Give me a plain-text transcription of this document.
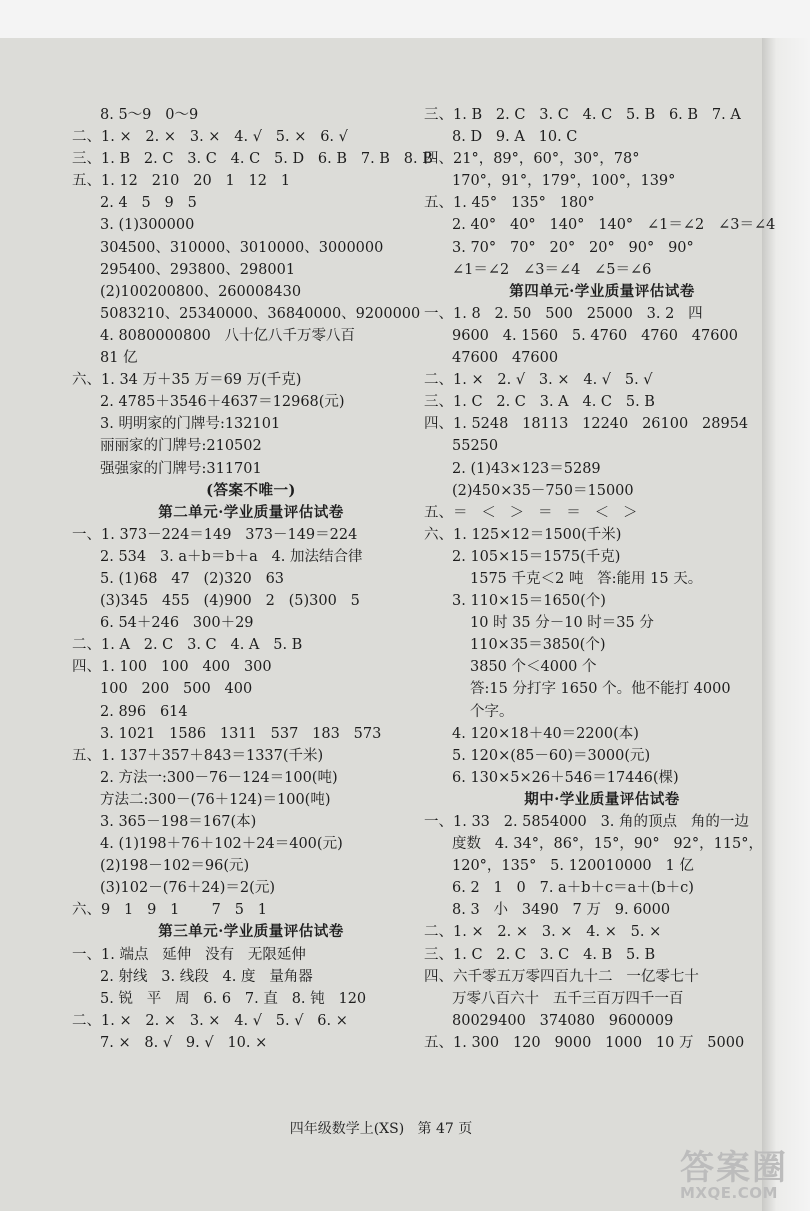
8. 5～9   0～9
二、1. ×   2. ×   3. ×   4. √   5. ×   6. √
三、1. B   2. C   3. C   4. C   5. D   6. B   7. B   8. B
五、1. 12   210   20   1   12   1
2. 4   5   9   5
3. (1)300000
304500、310000、3010000、3000000
295400、293800、298001
(2)100200800、260008430
5083210、25340000、36840000、9200000
4. 8080000800   八十亿八千万零八百
81 亿
六、1. 34 万＋35 万＝69 万(千克)
2. 4785＋3546＋4637＝12968(元)
3. 明明家的门牌号:132101
丽丽家的门牌号:210502
强强家的门牌号:311701
(答案不唯一)
第二单元·学业质量评估试卷
一、1. 373－224＝149   373－149＝224
2. 534   3. a＋b＝b＋a   4. 加法结合律
5. (1)68   47   (2)320   63
(3)345   455   (4)900   2   (5)300   5
6. 54＋246   300＋29
二、1. A   2. C   3. C   4. A   5. B
四、1. 100   100   400   300
100   200   500   400
2. 896   614
3. 1021   1586   1311   537   183   573
五、1. 137＋357＋843＝1337(千米)
2. 方法一:300－76－124＝100(吨)
方法二:300－(76＋124)＝100(吨)
3. 365－198＝167(本)
4. (1)198＋76＋102＋24＝400(元)
(2)198－102＝96(元)
(3)102－(76＋24)＝2(元)
六、9   1   9   1       7   5   1
第三单元·学业质量评估试卷
一、1. 端点   延伸   没有   无限延伸
2. 射线   3. 线段   4. 度   量角器
5. 锐   平   周   6. 6   7. 直   8. 钝   120
二、1. ×   2. ×   3. ×   4. √   5. √   6. ×
7. ×   8. √   9. √   10. ×
三、1. B   2. C   3. C   4. C   5. B   6. B   7. A
8. D   9. A   10. C
四、21°，89°，60°，30°，78°
170°，91°，179°，100°，139°
五、1. 45°   135°   180°
2. 40°   40°   140°   140°   ∠1＝∠2   ∠3＝∠4
3. 70°   70°   20°   20°   90°   90°
∠1＝∠2   ∠3＝∠4   ∠5＝∠6
第四单元·学业质量评估试卷
一、1. 8   2. 50   500   25000   3. 2   四
9600   4. 1560   5. 4760   4760   47600
47600   47600
二、1. ×   2. √   3. ×   4. √   5. √
三、1. C   2. C   3. A   4. C   5. B
四、1. 5248   18113   12240   26100   28954
55250
2. (1)43×123＝5289
(2)450×35－750＝15000
五、＝   ＜   ＞   ＝   ＝   ＜   ＞
六、1. 125×12＝1500(千米)
2. 105×15＝1575(千克)
1575 千克＜2 吨   答:能用 15 天。
3. 110×15＝1650(个)
10 时 35 分－10 时＝35 分
110×35＝3850(个)
3850 个＜4000 个
答:15 分打字 1650 个。他不能打 4000
个字。
4. 120×18＋40＝2200(本)
5. 120×(85－60)＝3000(元)
6. 130×5×26＋546＝17446(棵)
期中·学业质量评估试卷
一、1. 33   2. 5854000   3. 角的顶点   角的一边
度数   4. 34°，86°，15°，90°   92°，115°，
120°，135°   5. 120010000   1 亿
6. 2   1   0   7. a＋b＋c＝a＋(b＋c)
8. 3   小   3490   7 万   9. 6000
二、1. ×   2. ×   3. ×   4. ×   5. ×
三、1. C   2. C   3. C   4. B   5. B
四、六千零五万零四百九十二   一亿零七十
万零八百六十   五千三百万四千一百
80029400   374080   9600009
五、1. 300   120   9000   1000   10 万   5000
四年级数学上(XS)   第 47 页
答案圈
MXQE.COM
